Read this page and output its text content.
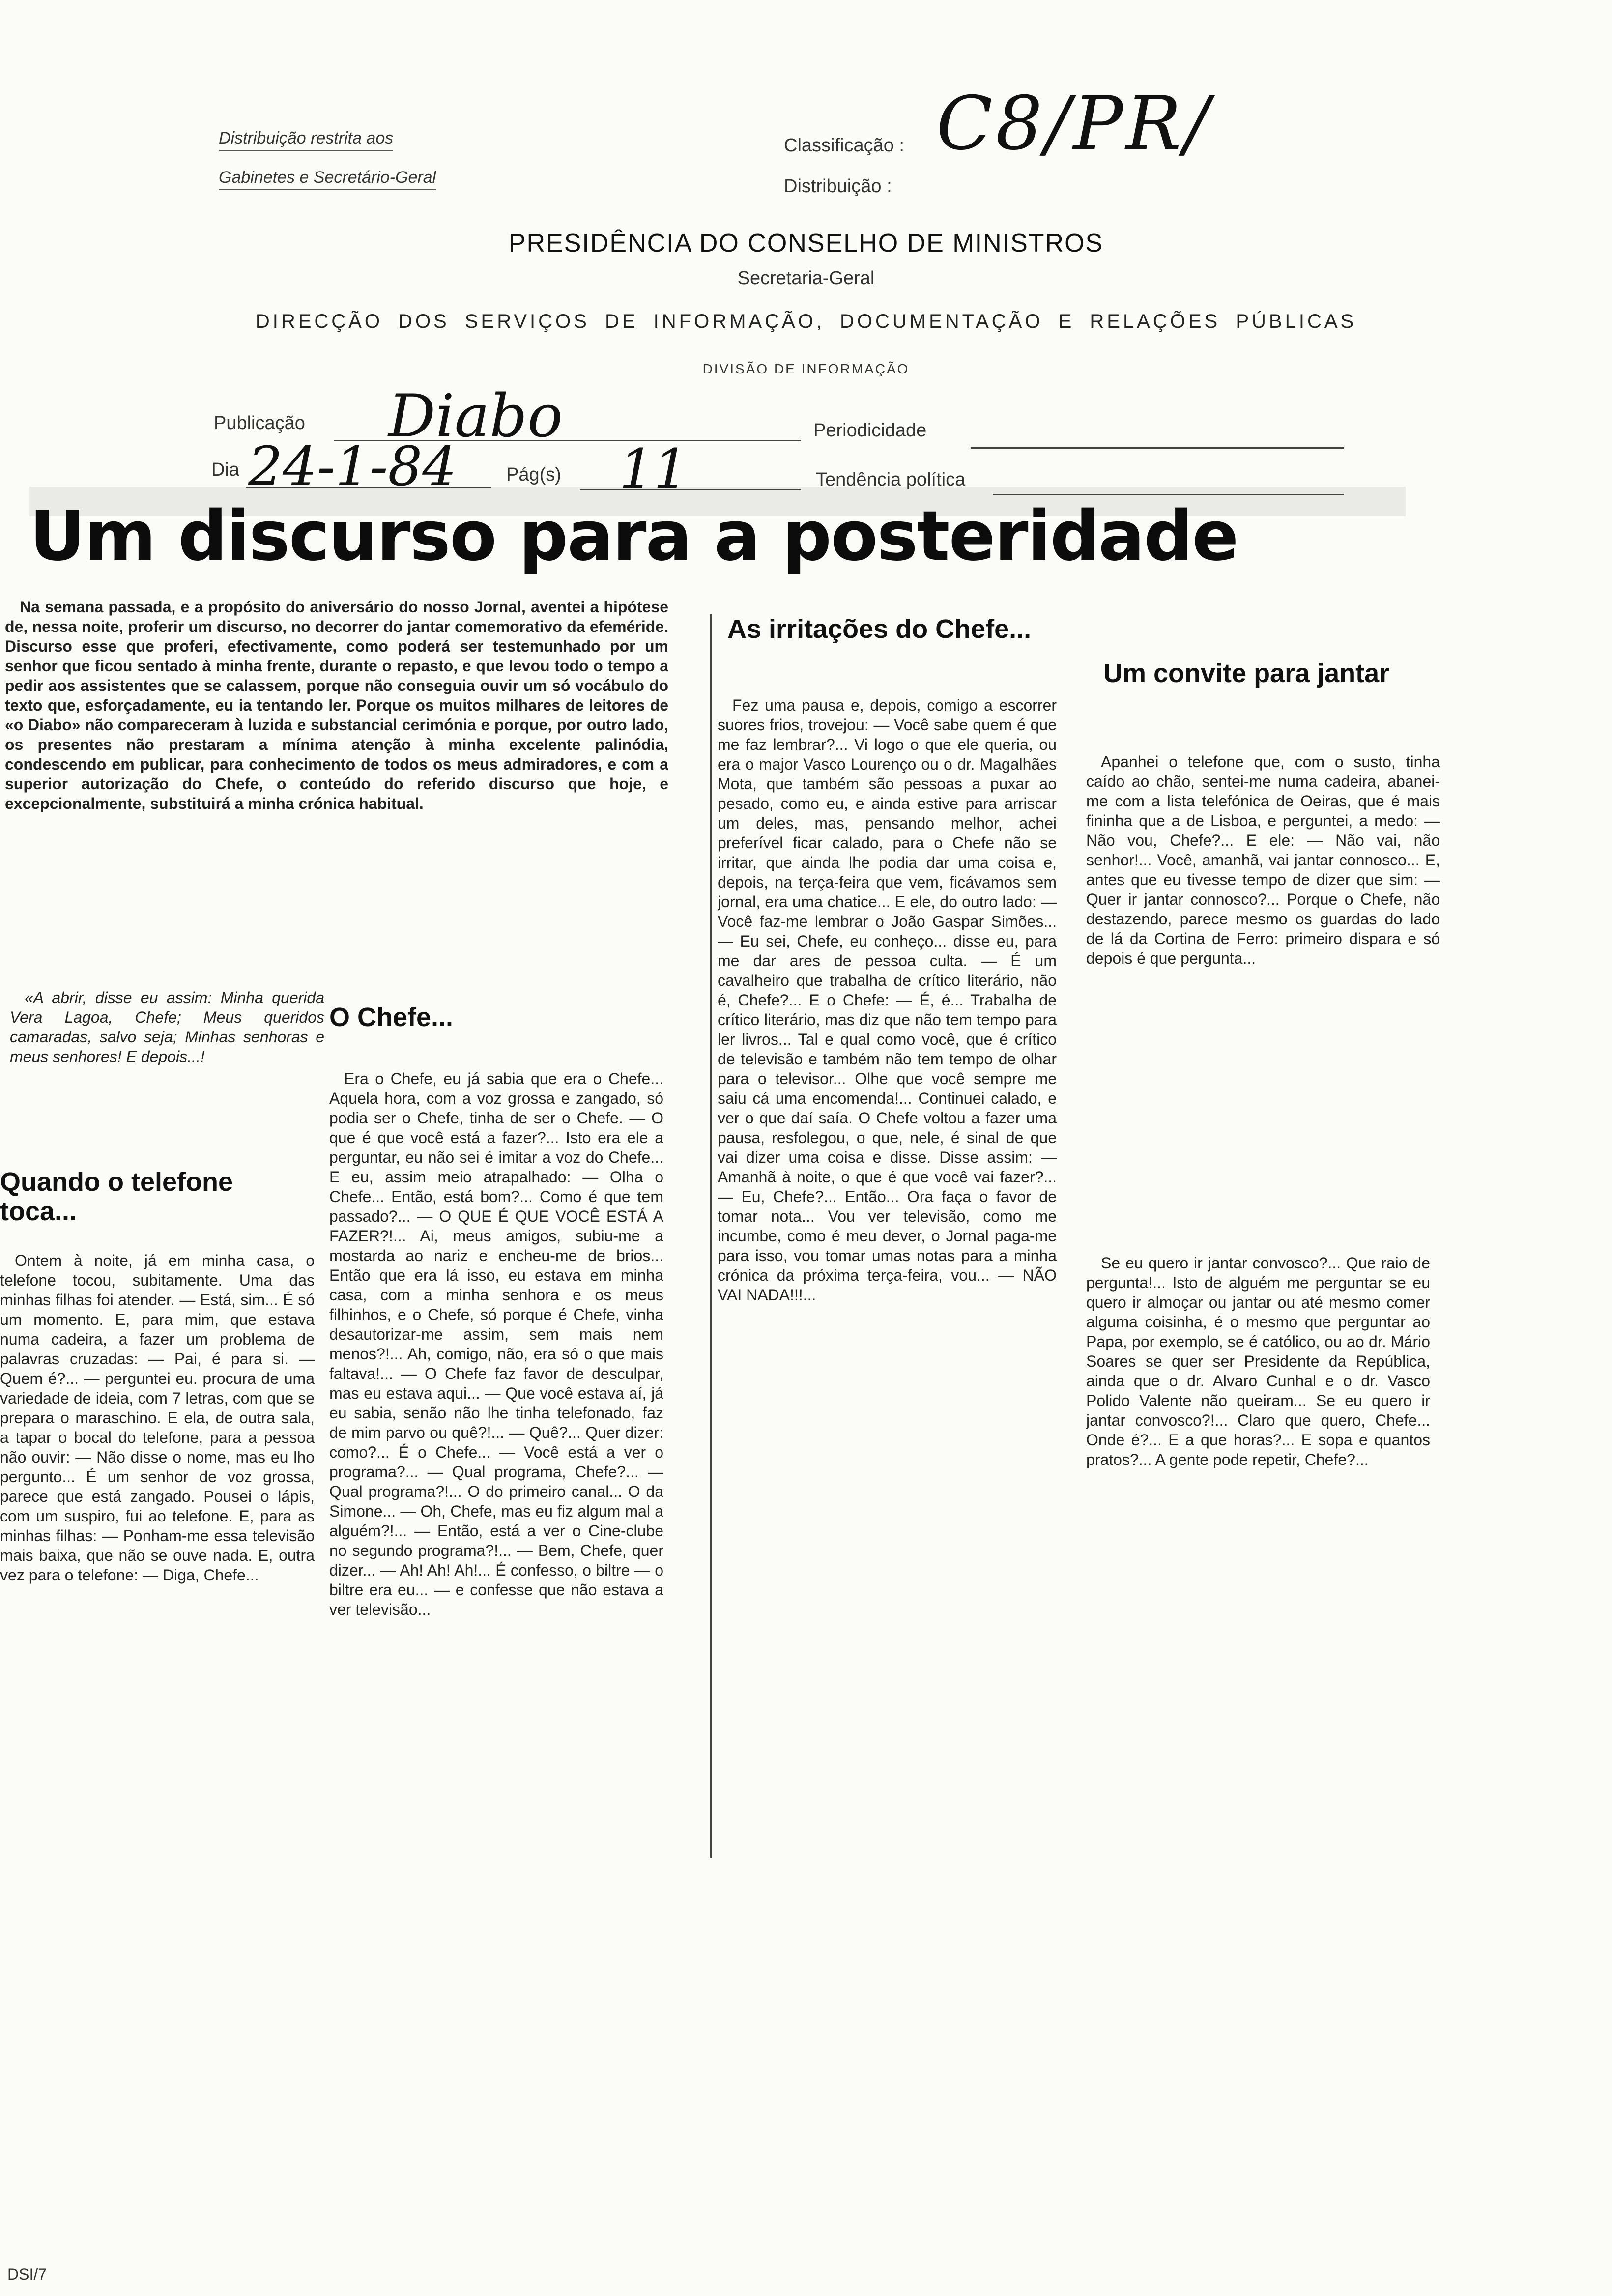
Distribuição restrita aos
Gabinetes e Secretário-Geral
Classificação : C8/PR/
Distribuição :
PRESIDÊNCIA DO CONSELHO DE MINISTROS
Secretaria-Geral
DIRECÇÃO DOS SERVIÇOS DE INFORMAÇÃO, DOCUMENTAÇÃO E RELAÇÕES PÚBLICAS
DIVISÃO DE INFORMAÇÃO
Publicação Diabo	Periodicidade
Dia 24-1-84	Pág(s) 11	Tendência política
Um discurso para a posteridade

Na semana passada, e a propósito do aniversário do nosso Jornal, aventei a hipótese de, nessa noite, proferir um discurso, no decorrer do jantar comemorativo da efeméride. Discurso esse que proferi, efectivamente, como poderá ser testemunhado por um senhor que ficou sentado à minha frente, durante o repasto, e que levou todo o tempo a pedir aos assistentes que se calassem, porque não conseguia ouvir um só vocábulo do texto que, esforçadamente, eu ia tentando ler. Porque os muitos milhares de leitores de «o Diabo» não compareceram à luzida e substancial cerimónia e porque, por outro lado, os presentes não prestaram a mínima atenção à minha excelente palinódia, condescendo em publicar, para conhecimento de todos os meus admiradores, e com a superior autorização do Chefe, o conteúdo do referido discurso que hoje, e excepcionalmente, substituirá a minha crónica habitual.

«A abrir, disse eu assim: Minha querida Vera Lagoa, Chefe; Meus queridos camaradas, salvo seja; Minhas senhoras e meus senhores! E depois...!

Quando o telefone toca...

Ontem à noite, já em minha casa, o telefone tocou, subitamente. Uma das minhas filhas foi atender. — Está, sim... É só um momento. E, para mim, que estava numa cadeira, a fazer um problema de palavras cruzadas: — Pai, é para si. — Quem é?... — perguntei eu. procura de uma variedade de ideia, com 7 letras, com que se prepara o maraschino. E ela, de outra sala, a tapar o bocal do telefone, para a pessoa não ouvir: — Não disse o nome, mas eu lho pergunto... É um senhor de voz grossa, parece que está zangado. Pousei o lápis, com um suspiro, fui ao telefone. E, para as minhas filhas: — Ponham-me essa televisão mais baixa, que não se ouve nada. E, outra vez para o telefone: — Diga, Chefe...

O Chefe...

Era o Chefe, eu já sabia que era o Chefe... Aquela hora, com a voz grossa e zangado, só podia ser o Chefe, tinha de ser o Chefe. — O que é que você está a fazer?... Isto era ele a perguntar, eu não sei é imitar a voz do Chefe... E eu, assim meio atrapalhado: — Olha o Chefe... Então, está bom?... Como é que tem passado?... — O QUE É QUE VOCÊ ESTÁ A FAZER?!... Ai, meus amigos, subiu-me a mostarda ao nariz e encheu-me de brios... Então que era lá isso, eu estava em minha casa, com a minha senhora e os meus filhinhos, e o Chefe, só porque é Chefe, vinha desautorizar-me assim, sem mais nem menos?!... Ah, comigo, não, era só o que mais faltava!... — O Chefe faz favor de desculpar, mas eu estava aqui... — Que você estava aí, já eu sabia, senão não lhe tinha telefonado, faz de mim parvo ou quê?!... — Quê?... Quer dizer: como?... É o Chefe... — Você está a ver o programa?... — Qual programa, Chefe?... — Qual programa?!... O do primeiro canal... O da Simone... — Oh, Chefe, mas eu fiz algum mal a alguém?!... — Então, está a ver o Cine-clube no segundo programa?!... — Bem, Chefe, quer dizer... — Ah! Ah! Ah!... É confesso, o biltre — o biltre era eu... — e confesse que não estava a ver televisão...

As irritações do Chefe...

Fez uma pausa e, depois, comigo a escorrer suores frios, trovejou: — Você sabe quem é que me faz lembrar?... Vi logo o que ele queria, ou era o major Vasco Lourenço ou o dr. Magalhães Mota, que também são pessoas a puxar ao pesado, como eu, e ainda estive para arriscar um deles, mas, pensando melhor, achei preferível ficar calado, para o Chefe não se irritar, que ainda lhe podia dar uma coisa e, depois, na terça-feira que vem, ficávamos sem jornal, era uma chatice... E ele, do outro lado: — Você faz-me lembrar o João Gaspar Simões... — Eu sei, Chefe, eu conheço... disse eu, para me dar ares de pessoa culta. — É um cavalheiro que trabalha de crítico literário, não é, Chefe?... E o Chefe: — É, é... Trabalha de crítico literário, mas diz que não tem tempo para ler livros... Tal e qual como você, que é crítico de televisão e também não tem tempo de olhar para o televisor... Olhe que você sempre me saiu cá uma encomenda!... Continuei calado, e ver o que daí saía. O Chefe voltou a fazer uma pausa, resfolegou, o que, nele, é sinal de que vai dizer uma coisa e disse. Disse assim: — Amanhã à noite, o que é que você vai fazer?... — Eu, Chefe?... Então... Ora faça o favor de tomar nota... Vou ver televisão, como me incumbe, como é meu dever, o Jornal paga-me para isso, vou tomar umas notas para a minha crónica da próxima terça-feira, vou... — NÃO VAI NADA!!!...

Um convite para jantar

Apanhei o telefone que, com o susto, tinha caído ao chão, sentei-me numa cadeira, abanei-me com a lista telefónica de Oeiras, que é mais fininha que a de Lisboa, e perguntei, a medo: — Não vou, Chefe?... E ele: — Não vai, não senhor!... Você, amanhã, vai jantar connosco... E, antes que eu tivesse tempo de dizer que sim: — Quer ir jantar connosco?... Porque o Chefe, não destazendo, parece mesmo os guardas do lado de lá da Cortina de Ferro: primeiro dispara e só depois é que pergunta...

Se eu quero ir jantar convosco?... Que raio de pergunta!... Isto de alguém me perguntar se eu quero ir almoçar ou jantar ou até mesmo comer alguma coisinha, é o mesmo que perguntar ao Papa, por exemplo, se é católico, ou ao dr. Mário Soares se quer ser Presidente da República, ainda que o dr. Alvaro Cunhal e o dr. Vasco Polido Valente não queiram... Se eu quero ir jantar convosco?!... Claro que quero, Chefe... Onde é?... E a que horas?... E sopa e quantos pratos?... A gente pode repetir, Chefe?...

DSI/7
